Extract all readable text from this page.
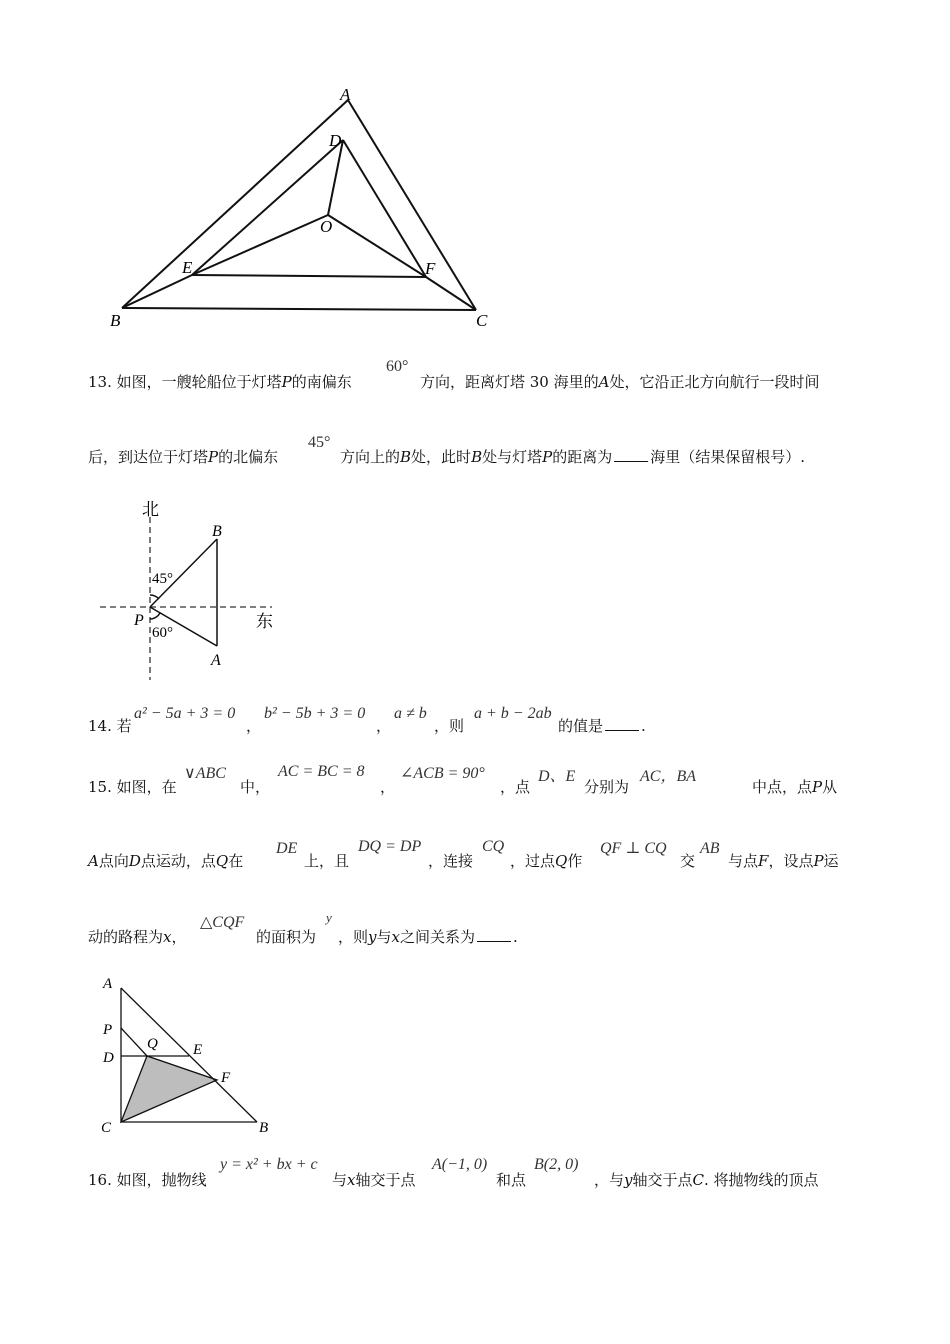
A
D
O
E	F
B	C
13. 如图，一艘轮船位于灯塔P的南偏东
60°
方向，距离灯塔 30 海里的A处，它沿正北方向航行一段时间
后，到达位于灯塔P的北偏东
45°
方向上的B处，此时B处与灯塔P的距离为	海里（结果保留根号）.
北
东
B
P
A
45°
60°
14. 若
a² − 5a + 3 = 0
，
b² − 5b + 3 = 0
，
a ≠ b
，则
a + b − 2ab
的值是	.
15. 如图，在
∨ABC
中，
AC = BC = 8
，
∠ACB = 90°
，点
D、E
分别为
AC，BA
中点，点P从
A点向D点运动，点Q在
DE
上，且
DQ = DP
，连接
CQ
，过点Q作
QF ⊥ CQ
交
AB
与点F，设点P运
动的路程为x，
△CQF
的面积为
y
，则y与x之间关系为	.
A
P
D
Q E
F
C	B
16. 如图，抛物线
y = x² + bx + c
与x轴交于点
A(−1, 0)
和点
B(2, 0)
，与y轴交于点C. 将抛物线的顶点
